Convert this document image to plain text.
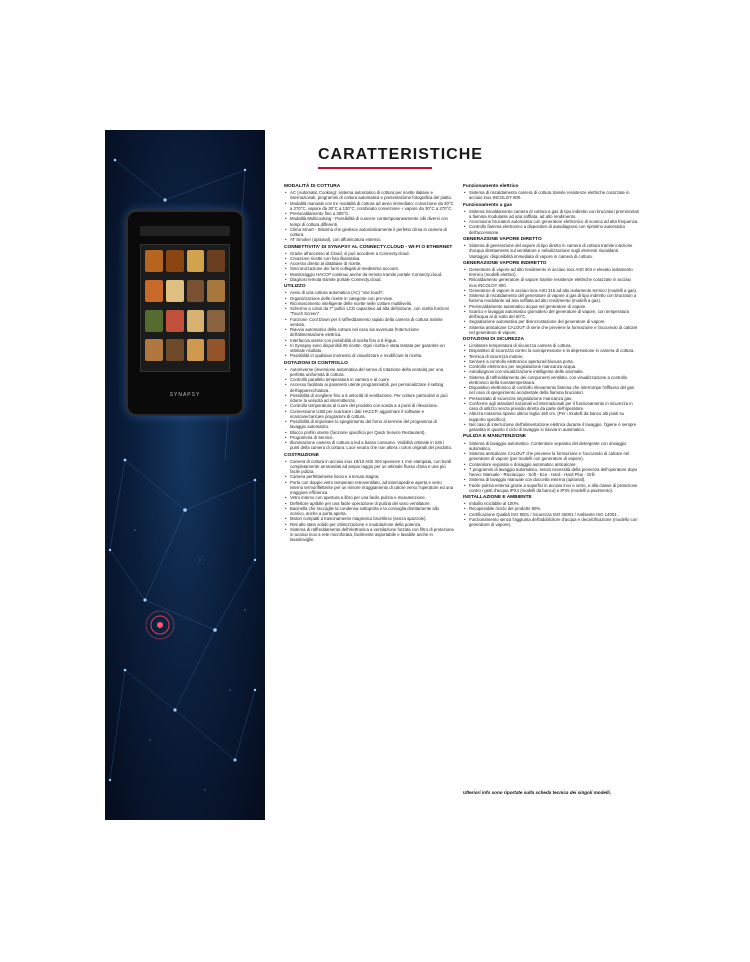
SYNAPSY
CARATTERISTICHE
MODALITÀ DI COTTURA
• AC (Automatic Cooking): sistema automatico di cottura per ricette italiane e internazionali, programmi di cottura automatica e presentazione fotografica del piatto.
• Modalità manuale con tre modalità di cottura ad avvio immediato: convezione da 30°C a 270°C, vapore da 30°C a 130°C, combinato convezione + vapore da 30°C a 270°C.
• Preriscaldamento fino a 300°C.
• Modalità Multicooking - Possibilità di cuocere contemporaneamente cibi diversi con tempi di cottura differenti.
• Clima Smart - Sistema che gestisce automaticamente il perfetto clima in camera di cottura.
• AT Smoker (optional), con affumicatura esterna.
CONNETTIVITA' DI SYNAPSY AL CONNECTY.CLOUD - WI-FI O ETHERNET
• Grazie all'accesso al Cloud, si può accedere a Connecty.cloud.
• Creazione ricette con foto illustrativa.
• Accesso diretto al database di ricette.
• Sincronizzazione dei forni collegati al medesimo account.
• Monitoraggio HACCP continuo anche da remoto tramite portale Connecty.cloud.
• Diagnosi remota tramite portale Connecty.cloud.
UTILIZZO
• Avvio di una cottura automatica (AC) "one touch".
• Organizzazione delle ricette in categorie con pre-view.
• Riconoscimento intelligente delle ricette nelle cotture multilivello.
• Schermo a colori da 7" pollici LCD capacitivo ad alta definizione, con scelta funzioni "Touch Screen".
• Funzione Cool Down per il raffreddamento rapido della camera di cottura tramite ventola.
• Riavvio automatico della cottura nel caso sia avvenuta l'interruzione dell'alimentazione elettrica.
• Interfaccia utente con possibilità di scelta fino a 6 lingue.
• In Synapsy sono disponibili 95 ricette. Ogni ricetta è stata testata per garantire un ottimale risultato.
• Possibilità in qualsiasi momento di visualizzare e modificare la ricetta.
DOTAZIONI DI CONTROLLO
• Autoreverse (inversione automatica del senso di rotazione della ventola) per una perfetta uniformità di cottura.
• Controllo parallelo temperatura in camera e al cuore.
• Accesso facilitato ai parametri utente programmabili, per personalizzare il setting dell'apparecchiatura.
• Possibilità di scegliere fino a 6 velocità di ventilazione. Per cotture particolari si può ridurre la velocità ad intermittenza.
• Controllo temperatura al cuore del prodotto con sonda a 4 punti di rilevazione.
• Connessione USB per scaricare i dati HACCP, aggiornare il software e scaricare/caricare programmi di cottura.
• Possibilità di impostare lo spegnimento del forno al termine del programma di lavaggio automatico.
• Blocco profilo utente (funzione specifica per Quick Service Restaurant).
• Programma di Service.
• Illuminazione camera di cottura a led a basso consumo. Visibilità ottimale in tutti i punti della camera di cottura. Luce neutra che non altera i colori originali del prodotto.
COSTRUZIONE
• Camera di cottura in acciaio inox 18/10 AISI 304 spessore 1 mm stampata, con bordi completamente arrotondati ad ampio raggio per un ottimale flusso d'aria e una più facile pulizia.
• Camera perfettamente liscia e a tenuta stagna.
• Porta con doppio vetro temperato retroventilato, ad intercapedine aperta e vetro interno termoriflettente per un minore irraggiamento di calore verso l'operatore ed una maggiore efficienza.
• Vetro interno con apertura a libro per una facile pulizia e manutenzione.
• Deflettore apribile per una facile operazione di pulizia del vano ventilatore.
• Bacinella che raccoglie la condensa sottoporta e la convoglia direttamente allo scarico, anche a porta aperta.
• Motori compatti a trascinamento magnetico brushless (senza spazzole).
• Reti allo stato solido per ottimizzazione e modulazione della potenza.
• Sistema di raffreddamento dell'elettronica a ventilazione forzata con filtro di protezione in acciaio inox a rete microforata, facilmente asportabile e lavabile anche in lavastoviglie.
Funzionamento elettrico
• Sistema di riscaldamento camera di cottura tramite resistenze elettriche corazzate in acciaio inox INCOLOY 800.
Funzionamento a gas
• Sistema riscaldamento camera di cottura a gas di tipo indiretto con bruciatori premiscelati a fiamma modulante ad aria soffiata, ad alto rendimento.
• Accensione bruciatori automatica con generatore elettronico di scarica ad alta frequenza.
• Controllo fiamma elettronico a dispositivo di autodiagnosi con ripristino automatico dell'accensione.
GENERAZIONE VAPORE DIRETTO
• Sistema di generazione del vapore di tipo diretto in camera di cottura tramite iniezione d'acqua direttamente sul ventilatore e nebulizzazione sugli elementi riscaldanti. Vantaggio: disponibilità immediata di vapore in camera di cottura.
GENERAZIONE VAPORE INDIRETTO
• Generatore di vapore ad alto rendimento in acciaio inox AISI 304 e elevato isolamento termico (modelli elettrici).
• Riscaldamento generatore di vapore tramite resistenze elettriche corazzate in acciaio inox INCOLOY 800.
• Generatore di vapore in acciaio inox AISI 316 ad alto isolamento termico (modelli a gas).
• Sistema di riscaldamento del generatore di vapore a gas di tipo indiretto con bruciatori a fiamma modulante ad aria soffiata ad alto rendimento (modelli a gas).
• Preriscaldamento automatico acqua nel generatore di vapore.
• Scarico e lavaggio automatico giornaliero del generatore di vapore, con temperatura dell'acqua al di sotto dei 60°C.
• Segnalazione automatica per disincrostazione del generatore di vapore.
• Sistema anticalcare CALOUT di serie che previene la formazione e l'accumulo di calcare nel generatore di vapore.
DOTAZIONI DI SICUREZZA
• Limitatore temperatura di sicurezza camera di cottura.
• Dispositivo di sicurezza contro la sovrapressione e la depressione in camera di cottura.
• Termica di sicurezza motore.
• Sensore a controllo elettronico apertura/chiusura porta.
• Controllo elettronico per segnalazione mancanza acqua.
• Autodiagnosi con visualizzazione intelligente delle anomalie.
• Sistema di raffreddamento dei componenti ventilato, con visualizzazione a controllo elettronico della sovratemperatura.
• Dispositivo elettronico di controllo rilevamento fiamma che interrompe l'afflusso del gas nel caso di spegnimento accidentale della fiamma bruciatori.
• Pressostato di sicurezza segnalazione mancanza gas.
• Conforme agli standard nazionali ed internazionali per il funzionamento in sicurezza in caso di utilizzo senza presidio diretto da parte dell'operatore.
• Altezza massima ripiano ultimo teglia 160 cm. (Per i modelli da banco alti posti su supporto specifico).
• Nel caso di interruzione dell'alimentazione elettrica durante il lavaggio, l'igiene è sempre garantita in quanto il ciclo di lavaggio si riavvia in automatico.
PULIZIA E MANUTENZIONE
• Sistema di lavaggio automatico. Contenitore separato del detergente con dosaggio automatico.
• Sistema anticalcare CALOUT che previene la formazione e l'accumulo di calcare nel generatore di vapore (per modelli con generatore di vapore).
• Contenitore separato e dosaggio automatico anticalcare.
• 7 programmi di lavaggio automatico, senza necessità della presenza dell'operatore dopo l'avvio: Manuale - Risciacquo - Soft - Eco - Hard - Hard Plus - Grill.
• Sistema di lavaggio manuale con doccetta esterna (optional).
• Facile pulizia esterna grazie a superfici in acciaio inox e vetro, e alla classe di protezione contro i getti d'acqua IPX4 (modelli da banco) e IPX5 (modelli a pavimento).
INSTALLAZIONE E AMBIENTE
• Imballo riciclabile al 100%.
• Recuperabile riciclo del prodotto 90%.
• Certificazione Qualità ISO 9001 / Sicurezza ISO 45001 / Ambiente ISO 14001.
• Funzionamento senza l'aggiunta dell'addolcitore d'acqua e decalcificazione (modello con generatore di vapore).
Ulteriori info sono riportate sulla scheda tecnica dei singoli modelli.
